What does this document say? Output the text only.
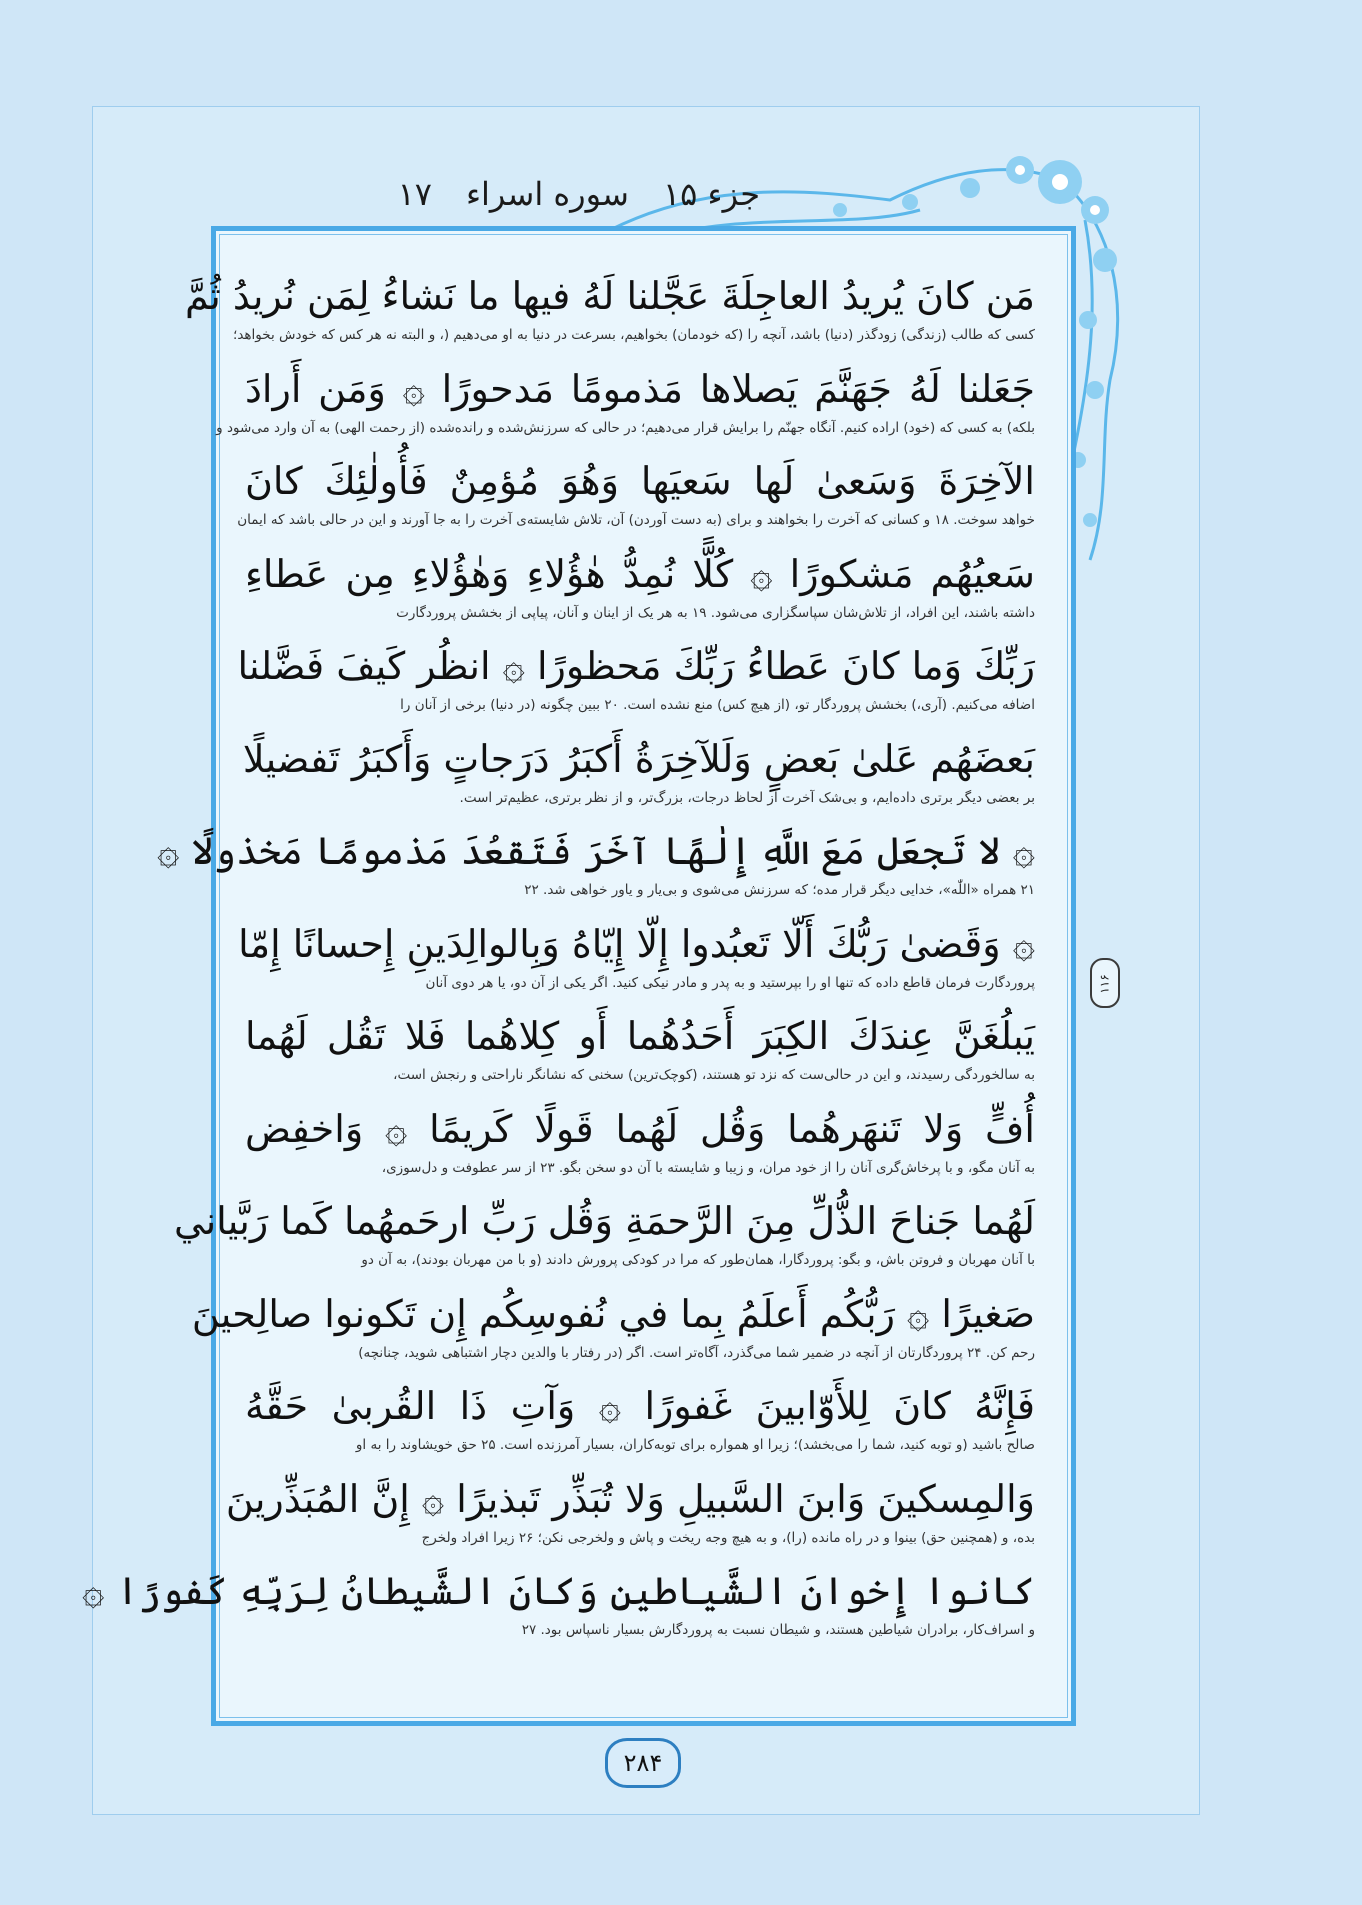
جزء ۱۵
سوره اسراء
۱۷
۱۱۶
مَن كانَ يُريدُ العاجِلَةَ عَجَّلنا لَهُ فيها ما نَشاءُ لِمَن نُريدُ ثُمَّ
کسی که طالب (زندگی) زودگذر (دنیا) باشد، آنچه را (که خودمان) بخواهیم، بسرعت در دنیا به او می‌دهیم (، و البته نه هر کس که خودش بخواهد؛
جَعَلنا لَهُ جَهَنَّمَ يَصلاها مَذمومًا مَدحورًا ۞ وَمَن أَرادَ
بلکه) به کسی که (خود) اراده کنیم. آنگاه جهنّم را برایش قرار می‌دهیم؛ در حالی که سرزنش‌شده و رانده‌شده (از رحمت الهی) به آن وارد می‌شود و
الآخِرَةَ وَسَعىٰ لَها سَعيَها وَهُوَ مُؤمِنٌ فَأُولٰئِكَ كانَ
خواهد سوخت. ۱۸ و کسانی که آخرت را بخواهند و برای (به دست آوردن) آن، تلاش شایسته‌ی آخرت را به جا آورند و این در حالی باشد که ایمان
سَعيُهُم مَشكورًا ۞ كُلًّا نُمِدُّ هٰؤُلاءِ وَهٰؤُلاءِ مِن عَطاءِ
داشته باشند، این افراد، از تلاش‌شان سپاسگزاری می‌شود. ۱۹ به هر یک از اینان و آنان، پیاپی از بخشش پروردگارت
رَبِّكَ وَما كانَ عَطاءُ رَبِّكَ مَحظورًا ۞ انظُر كَيفَ فَضَّلنا
اضافه می‌کنیم. (آری،) بخشش پروردگار تو، (از هیچ کس) منع نشده است. ۲۰ ببین چگونه (در دنیا) برخی از آنان را
بَعضَهُم عَلىٰ بَعضٍ وَلَلآخِرَةُ أَكبَرُ دَرَجاتٍ وَأَكبَرُ تَفضيلًا
بر بعضی دیگر برتری داده‌ایم، و بی‌شک آخرت از لحاظ درجات، بزرگ‌تر، و از نظر برتری، عظیم‌تر است.
۞ لا تَجعَل مَعَ اللَّهِ إِلٰهًا آخَرَ فَتَقعُدَ مَذمومًا مَخذولًا ۞
۲۱ همراه «اللّٰه»، خدایی دیگر قرار مده؛ که سرزنش می‌شوی و بی‌یار و یاور خواهی شد. ۲۲
۞ وَقَضىٰ رَبُّكَ أَلّا تَعبُدوا إِلّا إِيّاهُ وَبِالوالِدَينِ إِحسانًا إِمّا
پروردگارت فرمان قاطع داده که تنها او را بپرستید و به پدر و مادر نیکی کنید. اگر یکی از آن دو، یا هر دوی آنان
يَبلُغَنَّ عِندَكَ الكِبَرَ أَحَدُهُما أَو كِلاهُما فَلا تَقُل لَهُما
به سالخوردگی رسیدند، و این در حالی‌ست که نزد تو هستند، (کوچک‌ترین) سخنی که نشانگر ناراحتی و رنجش است،
أُفٍّ وَلا تَنهَرهُما وَقُل لَهُما قَولًا كَريمًا ۞ وَاخفِض
به آنان مگو، و با پرخاش‌گری آنان را از خود مران، و زیبا و شایسته با آن دو سخن بگو. ۲۳ از سر عطوفت و دل‌سوزی،
لَهُما جَناحَ الذُّلِّ مِنَ الرَّحمَةِ وَقُل رَبِّ ارحَمهُما كَما رَبَّياني
با آنان مهربان و فروتن باش، و بگو: پروردگارا، همان‌طور که مرا در کودکی پرورش دادند (و با من مهربان بودند)، به آن دو
صَغيرًا ۞ رَبُّكُم أَعلَمُ بِما في نُفوسِكُم إِن تَكونوا صالِحينَ
رحم کن. ۲۴ پروردگارتان از آنچه در ضمیر شما می‌گذرد، آگاه‌تر است. اگر (در رفتار با والدین دچار اشتباهی شوید، چنانچه)
فَإِنَّهُ كانَ لِلأَوّابينَ غَفورًا ۞ وَآتِ ذَا القُربىٰ حَقَّهُ
صالح باشید (و توبه کنید، شما را می‌بخشد)؛ زیرا او همواره برای توبه‌کاران، بسیار آمرزنده است. ۲۵ حق خویشاوند را به او
وَالمِسكينَ وَابنَ السَّبيلِ وَلا تُبَذِّر تَبذيرًا ۞ إِنَّ المُبَذِّرينَ
بده، و (همچنین حق) بینوا و در راه مانده (را)، و به هیچ وجه ریخت و پاش و ولخرجی نکن؛ ۲۶ زیرا افراد ولخرج
كانوا إِخوانَ الشَّياطينِ وَكانَ الشَّيطانُ لِرَبِّهِ كَفورًا ۞
و اسراف‌کار، برادران شیاطین هستند، و شیطان نسبت به پروردگارش بسیار ناسپاس بود. ۲۷
۲۸۴
